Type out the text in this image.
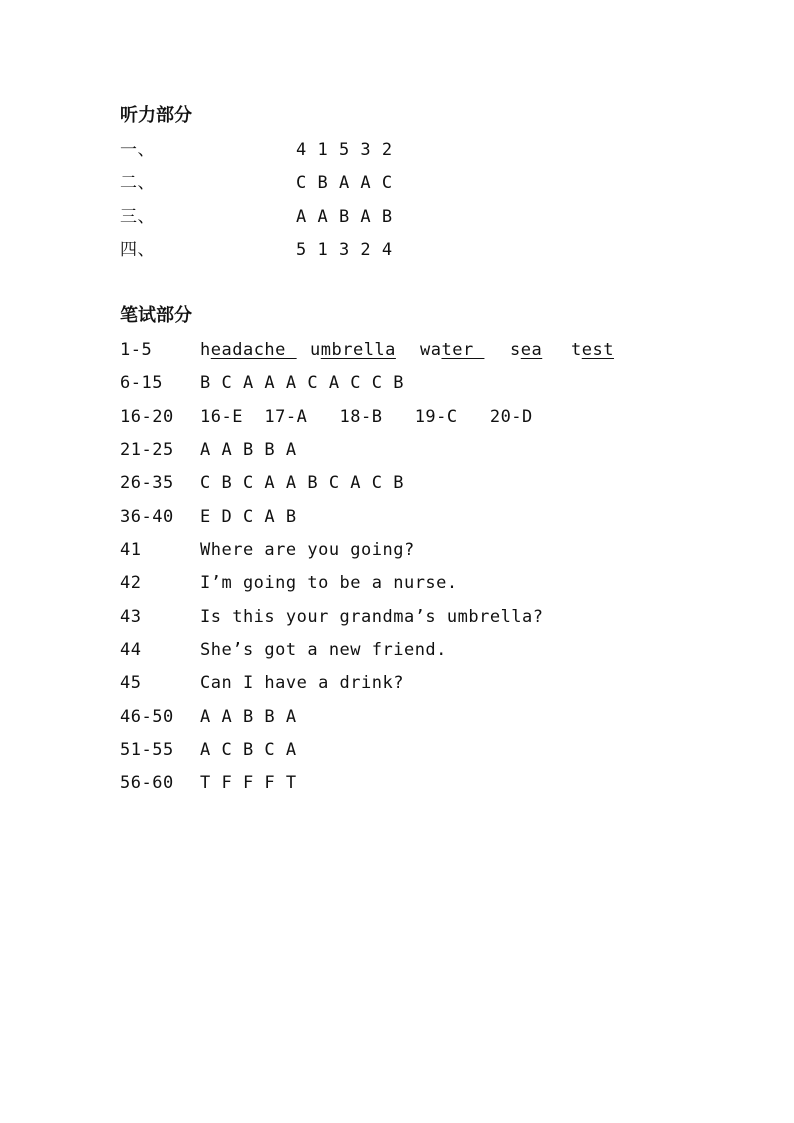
听力部分
一、	4 1 5 3 2
二、	C B A A C
三、	A A B A B
四、	5 1 3 2 4
笔试部分
1-5	headache umbrella water sea test
6-15 B C A A A C A C C B
16-20 16-E  17-A   18-B   19-C   20-D
21-25 A A B B A
26-35 C B C A A B C A C B
36-40 E D C A B
41	Where are you going?
42	I’m going to be a nurse.
43	Is this your grandma’s umbrella?
44	She’s got a new friend.
45	Can I have a drink?
46-50 A A B B A
51-55 A C B C A
56-60 T F F F T
